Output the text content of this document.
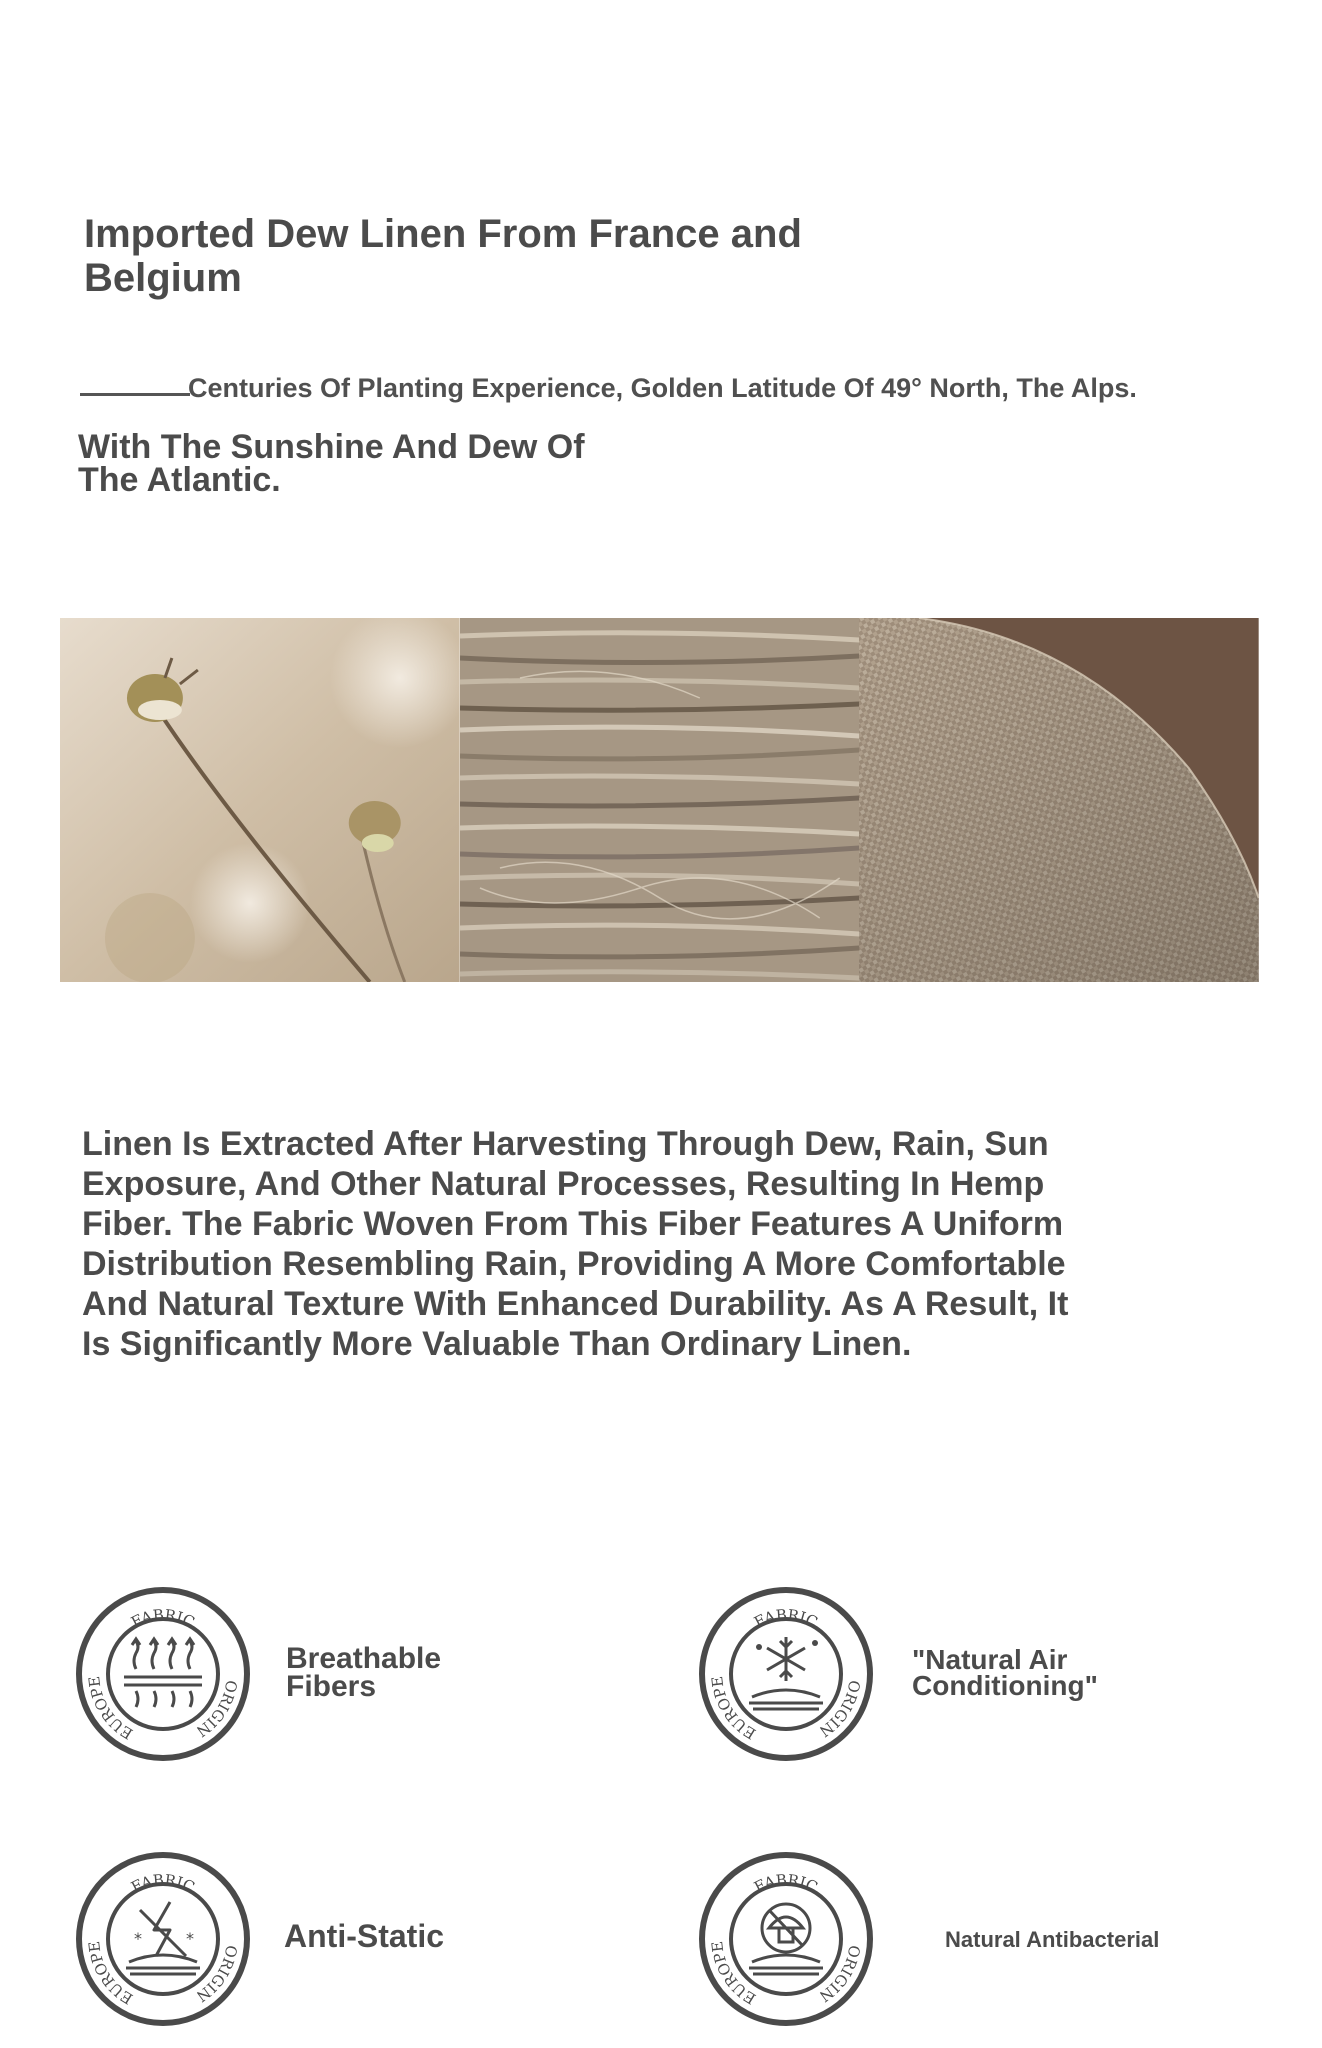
Imported Dew Linen From France and Belgium
Centuries Of Planting Experience, Golden Latitude Of 49° North, The Alps.
With The Sunshine And Dew Of The Atlantic.
Linen Is Extracted After Harvesting Through Dew, Rain, Sun Exposure, And Other Natural Processes, Resulting In Hemp Fiber. The Fabric Woven From This Fiber Features A Uniform Distribution Resembling Rain, Providing A More Comfortable And Natural Texture With Enhanced Durability. As A Result, It Is Significantly More Valuable Than Ordinary Linen.
FABRIC
EUROPE	ORIGIN
Breathable Fibers
FABRIC
EUROPE	ORIGIN
"Natural Air Conditioning"
FABRIC
EUROPE	ORIGIN
*	*	Anti-Static
FABRIC
EUROPE	ORIGIN
Natural Antibacterial
